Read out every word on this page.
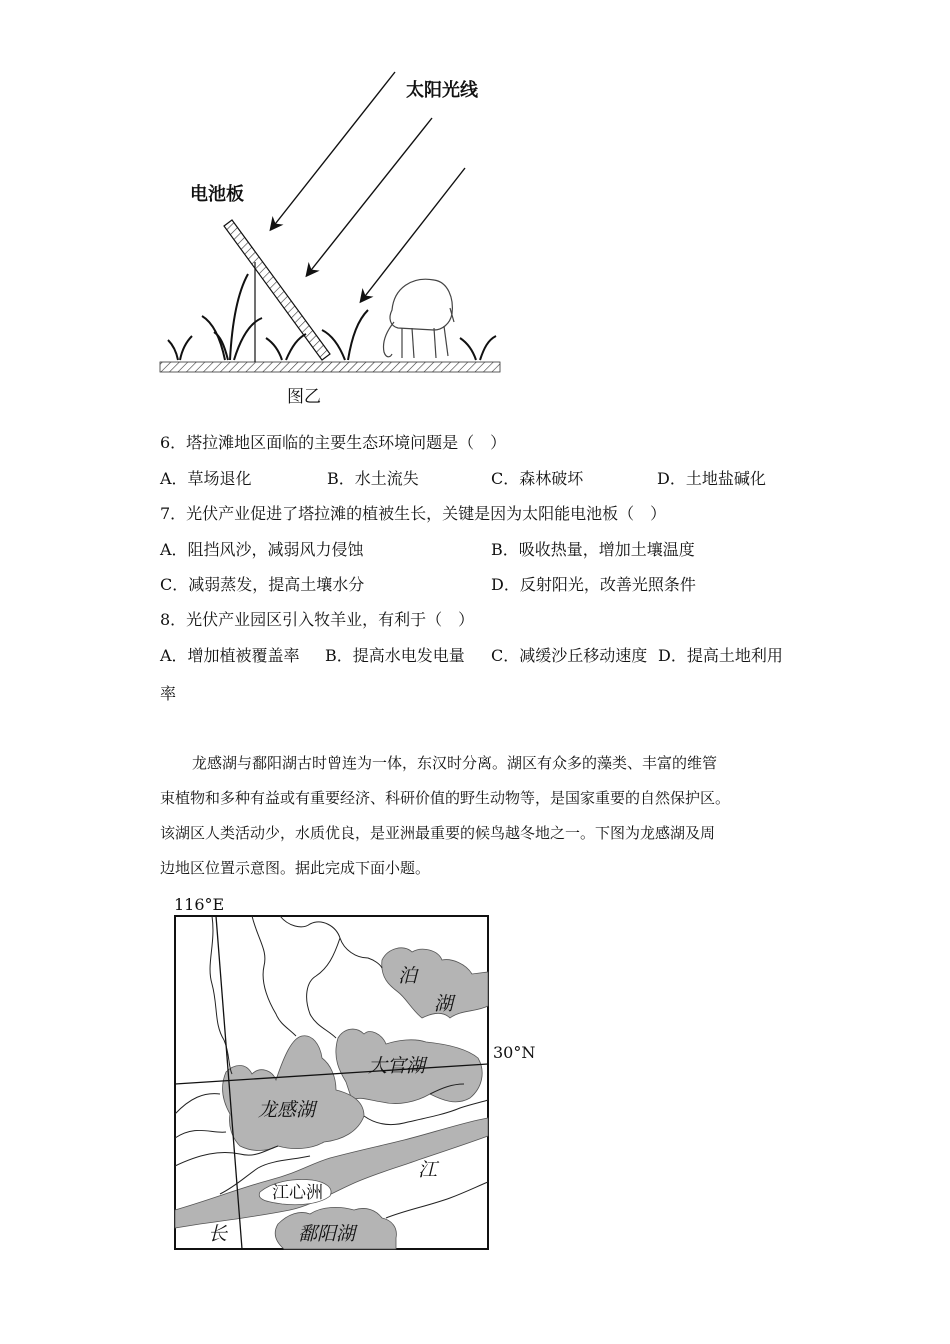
太阳光线
电池板
图乙
6．塔拉滩地区面临的主要生态环境问题是（　）
A．草场退化	B．水土流失	C．森林破坏	D．土地盐碱化
7．光伏产业促进了塔拉滩的植被生长，关键是因为太阳能电池板（　）
A．阻挡风沙，减弱风力侵蚀	B．吸收热量，增加土壤温度
C．减弱蒸发，提高土壤水分	D．反射阳光，改善光照条件
8．光伏产业园区引入牧羊业，有利于（　）
A．增加植被覆盖率 B．提高水电发电量 C．减缓沙丘移动速度 D．提高土地利用
率
龙感湖与鄱阳湖古时曾连为一体，东汉时分离。湖区有众多的藻类、丰富的维管
束植物和多种有益或有重要经济、科研价值的野生动物等，是国家重要的自然保护区。
该湖区人类活动少，水质优良，是亚洲最重要的候鸟越冬地之一。下图为龙感湖及周
边地区位置示意图。据此完成下面小题。
116°E
30°N
泊
湖
大官湖
龙感湖
江
江心洲
长	鄱阳湖
